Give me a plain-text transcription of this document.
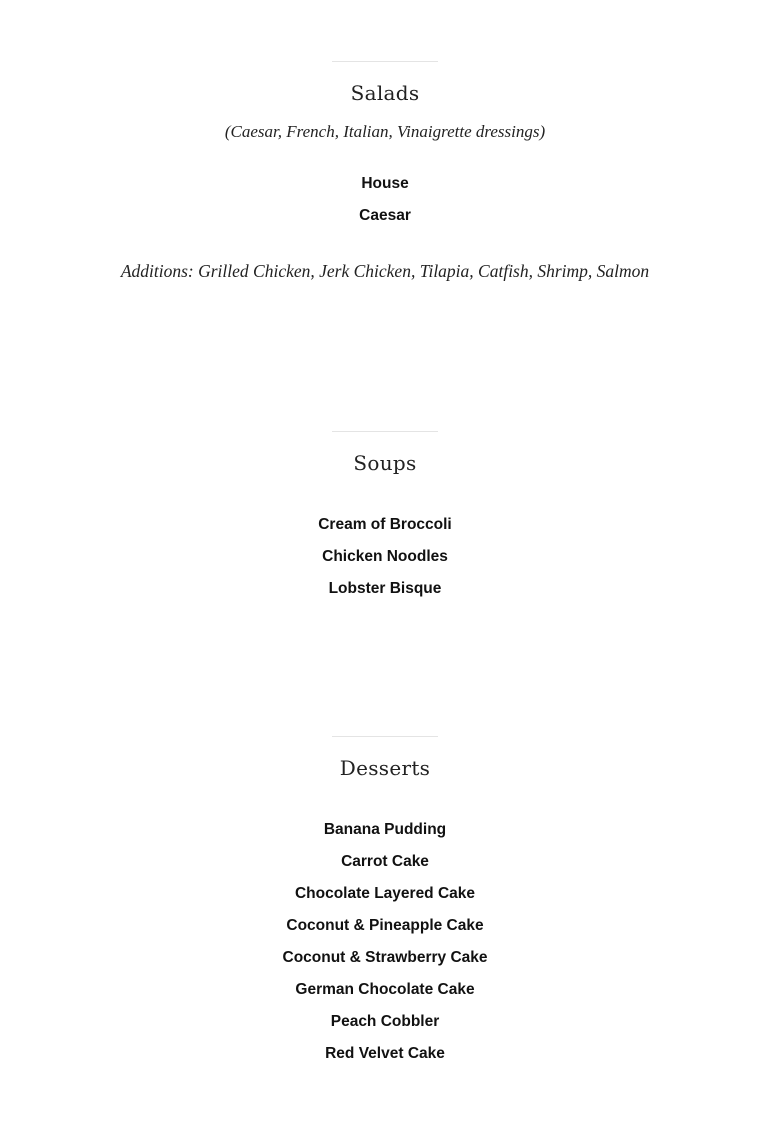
Salads

(Caesar, French, Italian, Vinaigrette dressings)

House
Caesar

Additions: Grilled Chicken, Jerk Chicken, Tilapia, Catfish, Shrimp, Salmon

Soups
Cream of Broccoli
Chicken Noodles
Lobster Bisque
Desserts
Banana Pudding
Carrot Cake
Chocolate Layered Cake
Coconut & Pineapple Cake
Coconut & Strawberry Cake
German Chocolate Cake
Peach Cobbler
Red Velvet Cake
